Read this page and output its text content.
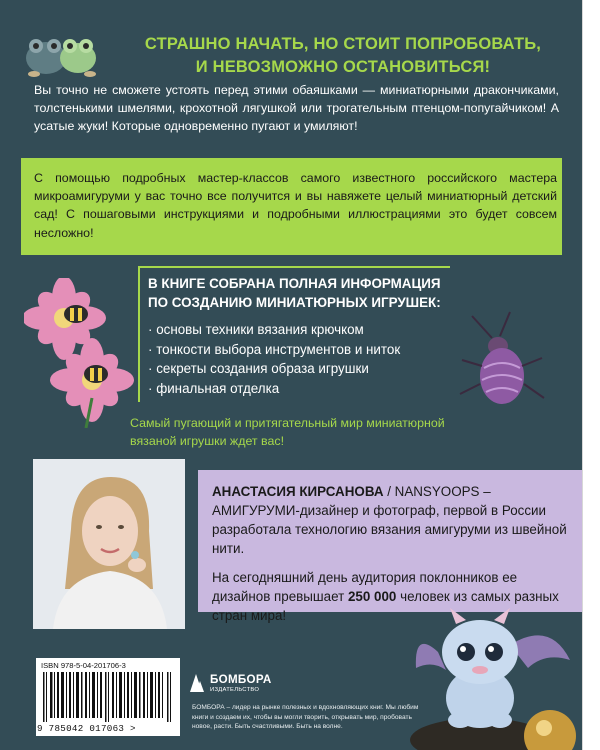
СТРАШНО НАЧАТЬ, НО СТОИТ ПОПРОБОВАТЬ,
И НЕВОЗМОЖНО ОСТАНОВИТЬСЯ!
Вы точно не сможете устоять перед этими обаяшками — миниатюрными дракончиками, толстенькими шмелями, крохотной лягушкой или трогательным птенцом-попугайчиком! А усатые жуки! Которые одновременно пугают и умиляют!
С помощью подробных мастер-классов самого известного российского мастера микроамигуруми у вас точно все получится и вы навяжете целый миниатюрный детский сад! С пошаговыми инструкциями и подробными иллюстрациями это будет совсем несложно!
В КНИГЕ СОБРАНА ПОЛНАЯ ИНФОРМАЦИЯ
ПО СОЗДАНИЮ МИНИАТЮРНЫХ ИГРУШЕК:
· основы техники вязания крючком
· тонкости выбора инструментов и ниток
· секреты создания образа игрушки
· финальная отделка
Самый пугающий и притягательный мир миниатюрной вязаной игрушки ждет вас!
АНАСТАСИЯ КИРСАНОВА / NANSYOOPS –
АМИГУРУМИ-дизайнер и фотограф, первой в России разработала технологию вязания амигуруми из швейной нити.
На сегодняшний день аудитория поклонников ее дизайнов превышает 250 000 человек из самых разных стран мира!
ISBN 978-5-04-201706-3
9 785042 017063 >
БОМБОРА
ИЗДАТЕЛЬСТВО
БОМБОРА – лидер на рынке полезных и вдохновляющих книг. Мы любим книги и создаем их, чтобы вы могли творить, открывать мир, пробовать новое, расти. Быть счастливыми. Быть на волне.
